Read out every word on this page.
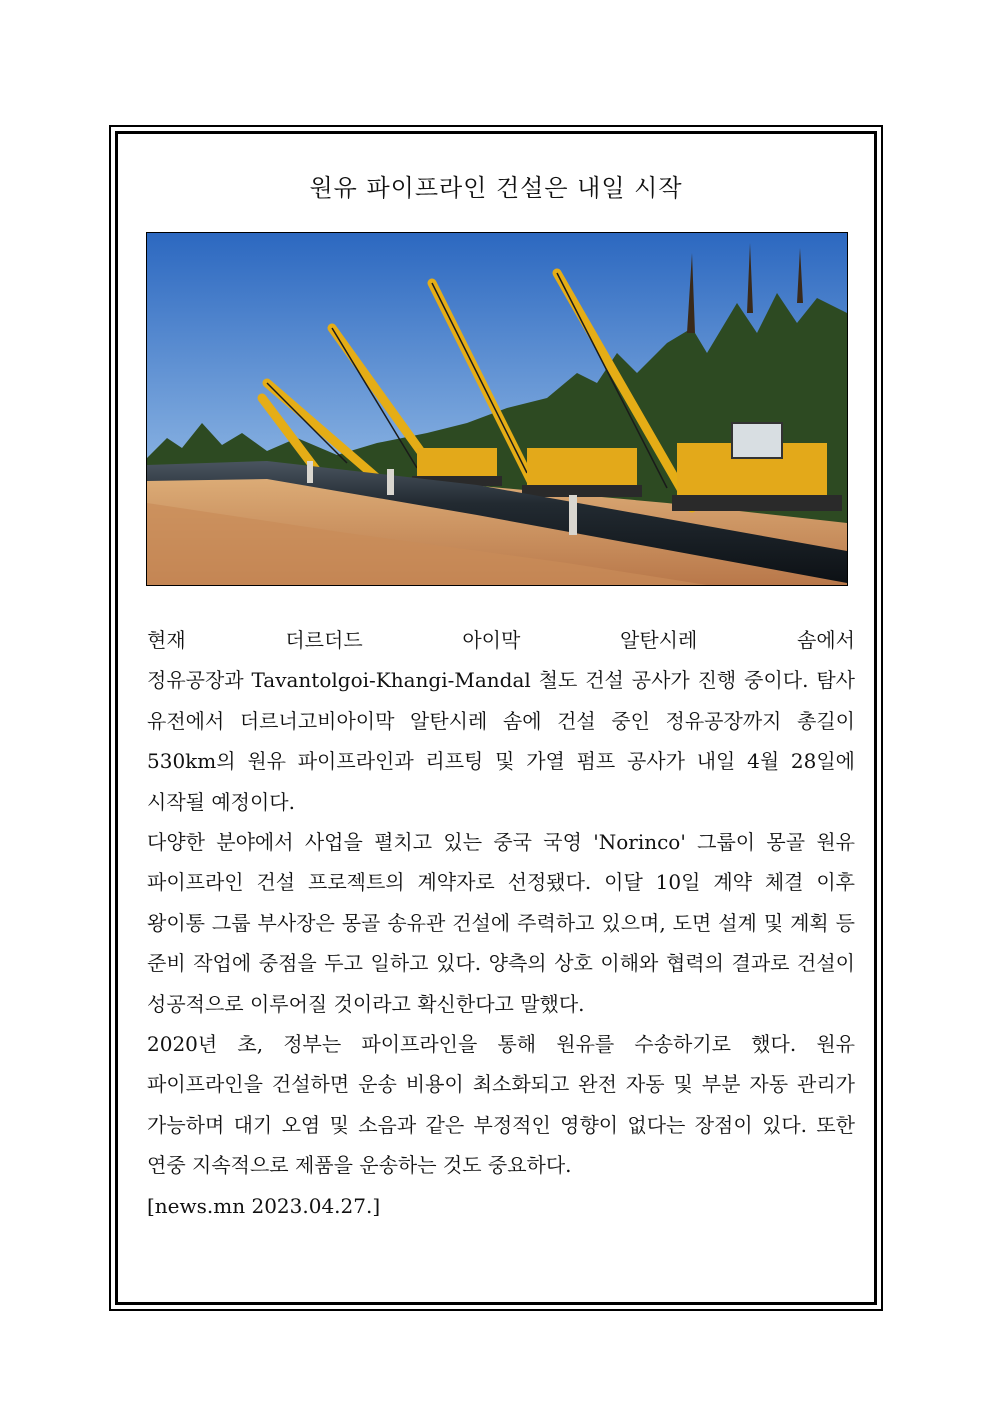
원유 파이프라인 건설은 내일 시작

현재 더르더드 아이막 알탄시레 솜에서 정유공장과 Tavantolgoi-Khangi-Mandal 철도 건설 공사가 진행 중이다. 탐사 유전에서 더르너고비아이막 알탄시레 솜에 건설 중인 정유공장까지 총길이 530km의 원유 파이프라인과 리프팅 및 가열 펌프 공사가 내일 4월 28일에 시작될 예정이다.

다양한 분야에서 사업을 펼치고 있는 중국 국영 'Norinco' 그룹이 몽골 원유 파이프라인 건설 프로젝트의 계약자로 선정됐다. 이달 10일 계약 체결 이후 왕이통 그룹 부사장은 몽골 송유관 건설에 주력하고 있으며, 도면 설계 및 계획 등 준비 작업에 중점을 두고 일하고 있다. 양측의 상호 이해와 협력의 결과로 건설이 성공적으로 이루어질 것이라고 확신한다고 말했다.

2020년 초, 정부는 파이프라인을 통해 원유를 수송하기로 했다. 원유 파이프라인을 건설하면 운송 비용이 최소화되고 완전 자동 및 부분 자동 관리가 가능하며 대기 오염 및 소음과 같은 부정적인 영향이 없다는 장점이 있다. 또한 연중 지속적으로 제품을 운송하는 것도 중요하다.

[news.mn 2023.04.27.]
